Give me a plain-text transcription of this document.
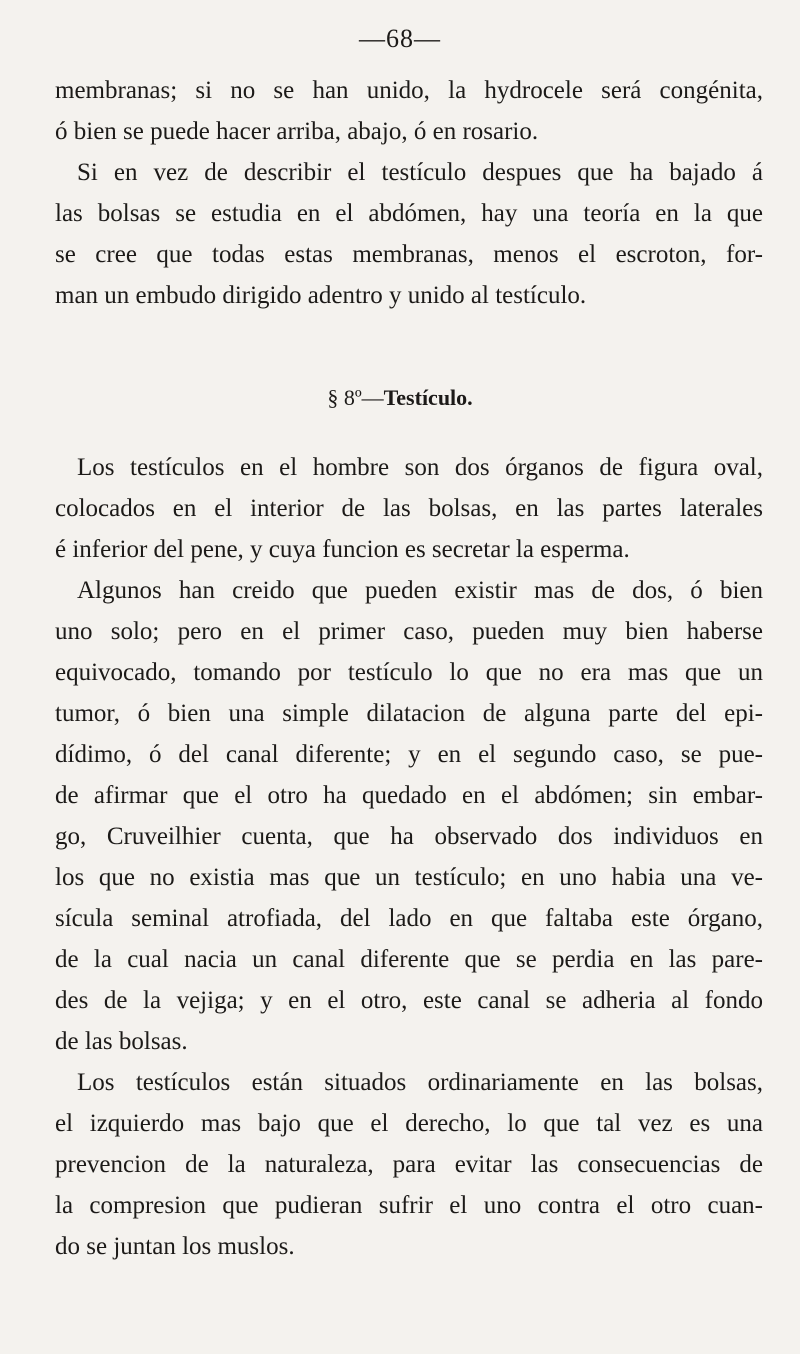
—68—
membranas; si no se han unido, la hydrocele será congénita,
ó bien se puede hacer arriba, abajo, ó en rosario.
Si en vez de describir el testículo despues que ha bajado á
las bolsas se estudia en el abdómen, hay una teoría en la que
se cree que todas estas membranas, menos el escroton, for-
man un embudo dirigido adentro y unido al testículo.
§ 8º—Testículo.
Los testículos en el hombre son dos órganos de figura oval,
colocados en el interior de las bolsas, en las partes laterales
é inferior del pene, y cuya funcion es secretar la esperma.
Algunos han creido que pueden existir mas de dos, ó bien
uno solo; pero en el primer caso, pueden muy bien haberse
equivocado, tomando por testículo lo que no era mas que un
tumor, ó bien una simple dilatacion de alguna parte del epi-
dídimo, ó del canal diferente; y en el segundo caso, se pue-
de afirmar que el otro ha quedado en el abdómen; sin embar-
go, Cruveilhier cuenta, que ha observado dos individuos en
los que no existia mas que un testículo; en uno habia una ve-
sícula seminal atrofiada, del lado en que faltaba este órgano,
de la cual nacia un canal diferente que se perdia en las pare-
des de la vejiga; y en el otro, este canal se adheria al fondo
de las bolsas.
Los testículos están situados ordinariamente en las bolsas,
el izquierdo mas bajo que el derecho, lo que tal vez es una
prevencion de la naturaleza, para evitar las consecuencias de
la compresion que pudieran sufrir el uno contra el otro cuan-
do se juntan los muslos.
